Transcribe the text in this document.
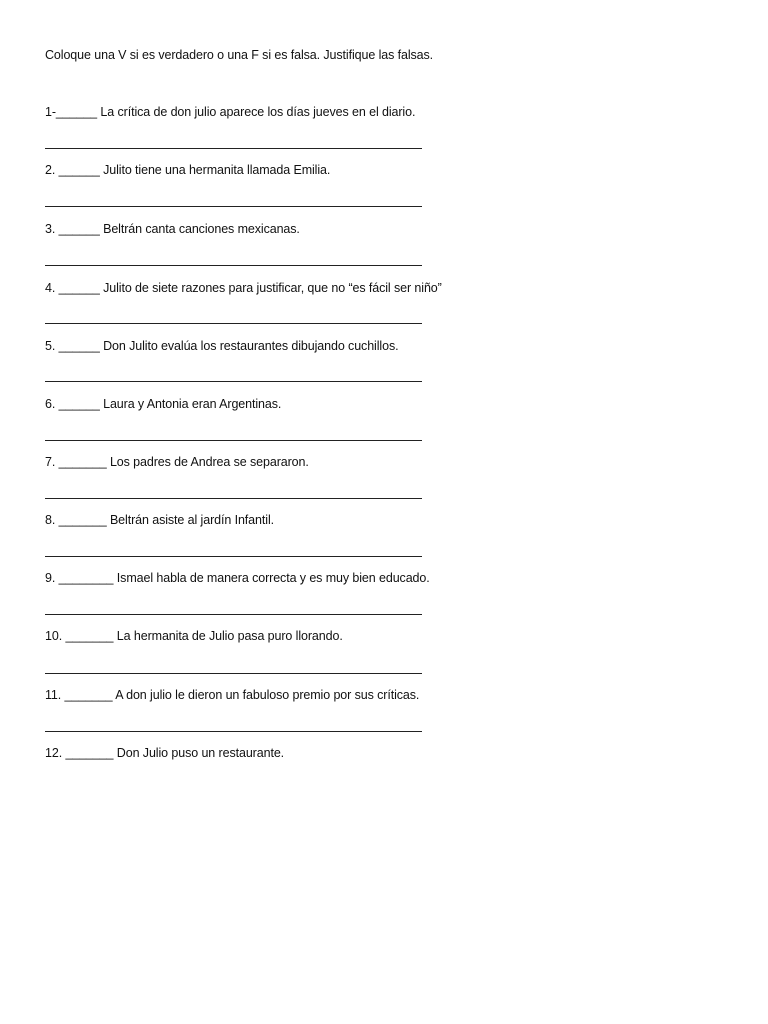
Coloque una V si es verdadero o una F si es falsa. Justifique las falsas.
1-______ La crítica de don julio aparece los días jueves en el diario.
2. ______ Julito tiene una hermanita llamada Emilia.
3. ______ Beltrán canta canciones mexicanas.
4. ______ Julito de siete razones para justificar, que no “es fácil ser niño”
5. ______ Don Julito evalúa los restaurantes dibujando cuchillos.
6. ______ Laura y Antonia eran Argentinas.
7. _______ Los padres de Andrea se separaron.
8. _______ Beltrán asiste al jardín Infantil.
9. ________ Ismael habla de manera correcta y es muy bien educado.
10. _______ La hermanita de Julio pasa puro llorando.
11. _______ A don julio le dieron un fabuloso premio por sus críticas.
12. _______ Don Julio puso un restaurante.
